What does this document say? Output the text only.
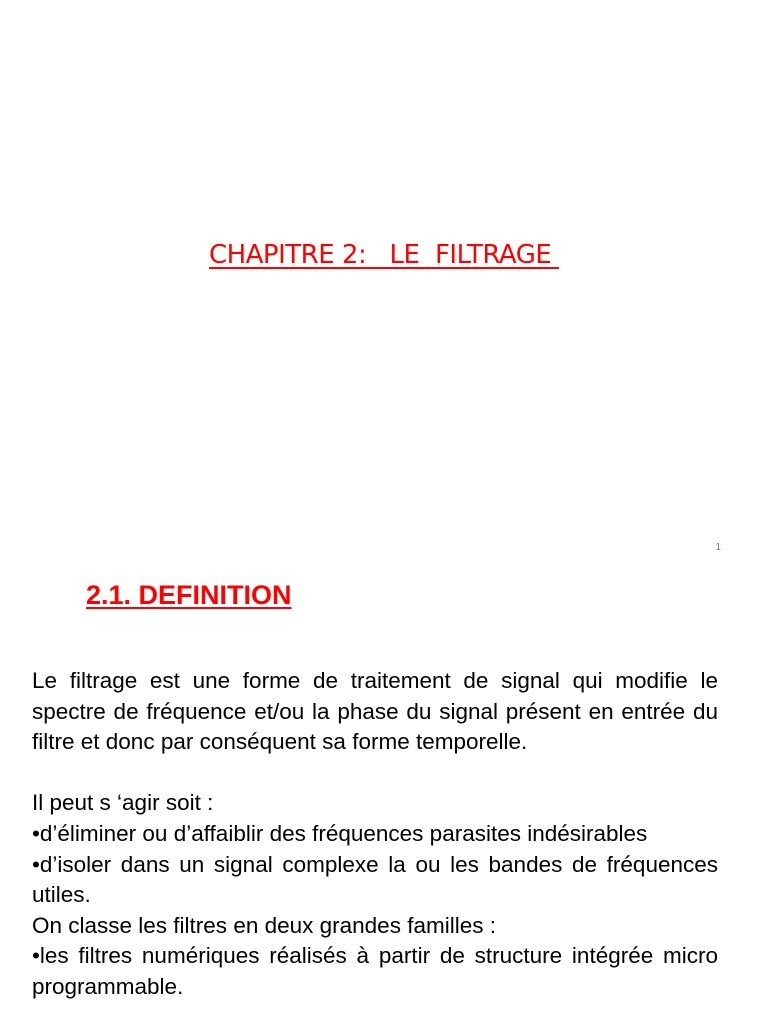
CHAPITRE 2:   LE  FILTRAGE
1
2.1. DEFINITION

Le filtrage est une forme de traitement de signal qui modifie le spectre de fréquence et/ou la phase du signal présent en entrée du filtre et donc par conséquent sa forme temporelle.

Il peut s ‘agir soit :

•d’éliminer ou d’affaiblir des fréquences parasites indésirables

•d’isoler dans un signal complexe la ou les bandes de fréquences utiles.

On classe les filtres en deux grandes familles :

•les filtres numériques réalisés à partir de structure intégrée micro programmable.
